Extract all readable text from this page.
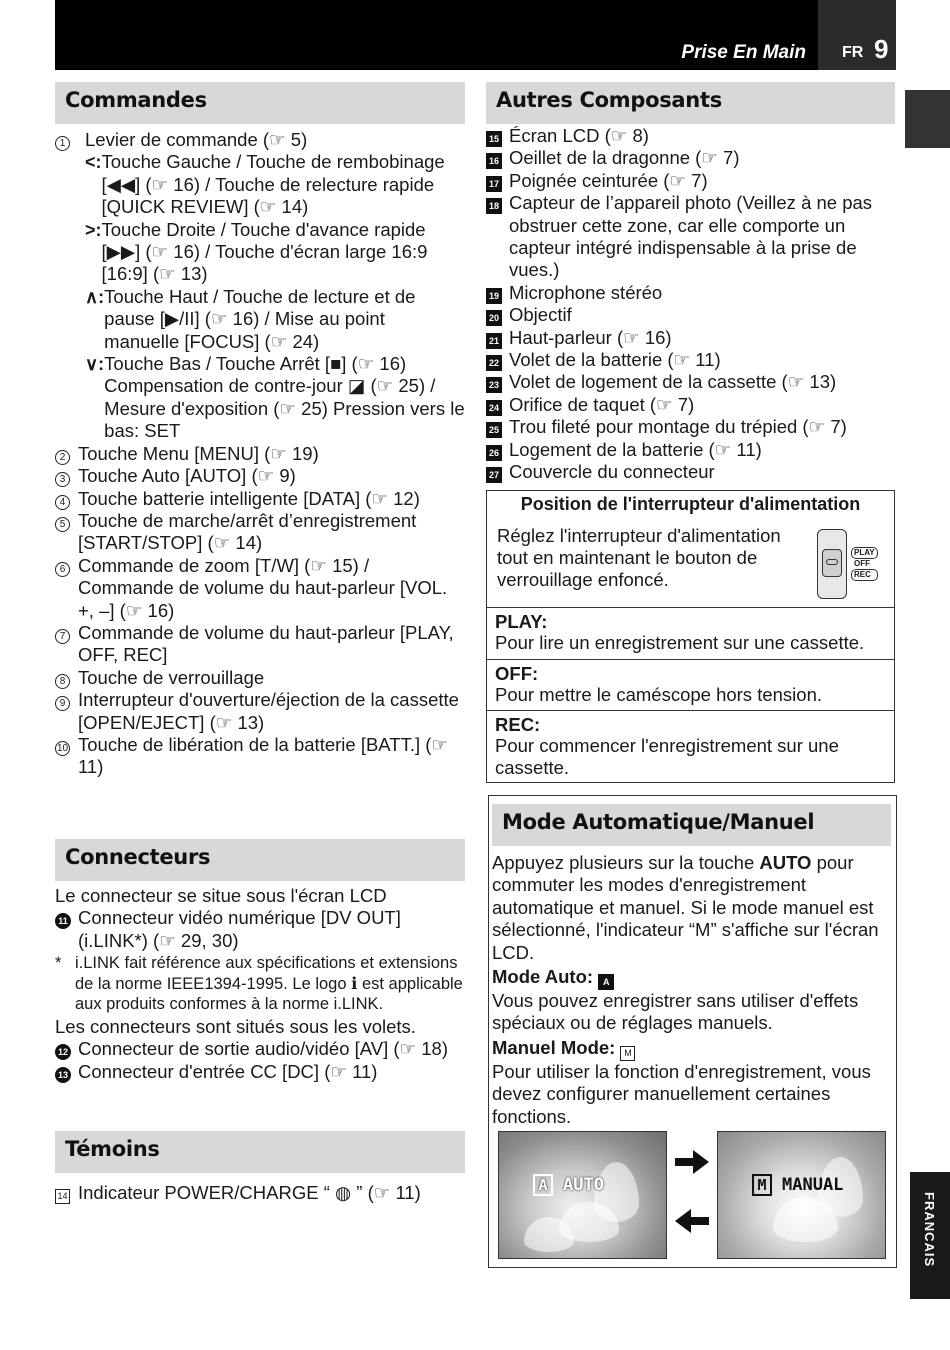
Prise En Main FR 9
FRANCAIS
Commandes
1	Levier de commande (☞ 5)
<: Touche Gauche / Touche de rembobinage [◀◀] (☞ 16) / Touche de relecture rapide [QUICK REVIEW] (☞ 14)
>: Touche Droite / Touche d'avance rapide [▶▶] (☞ 16) / Touche d'écran large 16:9 [16:9] (☞ 13)
∧: Touche Haut / Touche de lecture et de pause [▶/II] (☞ 16) / Mise au point manuelle [FOCUS] (☞ 24)
∨: Touche Bas / Touche Arrêt [■] (☞ 16) Compensation de contre-jour ◪ (☞ 25) / Mesure d'exposition (☞ 25) Pression vers le bas: SET
2 Touche Menu [MENU] (☞ 19)
3 Touche Auto [AUTO] (☞ 9)
4 Touche batterie intelligente [DATA] (☞ 12)
5 Touche de marche/arrêt d’enregistrement [START/STOP] (☞ 14)
6 Commande de zoom [T/W] (☞ 15) / Commande de volume du haut-parleur [VOL. +, –] (☞ 16)
7 Commande de volume du haut-parleur [PLAY, OFF, REC]
8 Touche de verrouillage
9 Interrupteur d'ouverture/éjection de la cassette [OPEN/EJECT] (☞ 13)
10 Touche de libération de la batterie [BATT.] (☞ 11)
Connecteurs
Le connecteur se situe sous l'écran LCD
11 Connecteur vidéo numérique [DV OUT] (i.LINK*) (☞ 29, 30)
* i.LINK fait référence aux spécifications et extensions de la norme IEEE1394-1995. Le logo ℹ est applicable aux produits conformes à la norme i.LINK.
Les connecteurs sont situés sous les volets.
12 Connecteur de sortie audio/vidéo [AV] (☞ 18)
13 Connecteur d'entrée CC [DC] (☞ 11)
Témoins
14 Indicateur POWER/CHARGE “ ◍ ” (☞ 11)
Autres Composants
15 Écran LCD (☞ 8)
16 Oeillet de la dragonne (☞ 7)
17 Poignée ceinturée (☞ 7)
18 Capteur de l’appareil photo (Veillez à ne pas obstruer cette zone, car elle comporte un capteur intégré indispensable à la prise de vues.)
19 Microphone stéréo
20 Objectif
21 Haut-parleur (☞ 16)
22 Volet de la batterie (☞ 11)
23 Volet de logement de la cassette (☞ 13)
24 Orifice de taquet (☞ 7)
25 Trou fileté pour montage du trépied (☞ 7)
26 Logement de la batterie (☞ 11)
27 Couvercle du connecteur
Position de l'interrupteur d'alimentation
Réglez l'interrupteur d'alimentation tout en maintenant le bouton de verrouillage enfoncé.
PLAY
OFF
REC
PLAY:
Pour lire un enregistrement sur une cassette.
OFF:
Pour mettre le caméscope hors tension.
REC:
Pour commencer l'enregistrement sur une cassette.
Mode Automatique/Manuel
Appuyez plusieurs sur la touche AUTO pour commuter les modes d'enregistrement automatique et manuel. Si le mode manuel est sélectionné, l'indicateur “M” s'affiche sur l'écran LCD.
Mode Auto: A
Vous pouvez enregistrer sans utiliser d'effets spéciaux ou de réglages manuels.
Manuel Mode: M
Pour utiliser la fonction d'enregistrement, vous devez configurer manuellement certaines fonctions.
A AUTO	M MANUAL
